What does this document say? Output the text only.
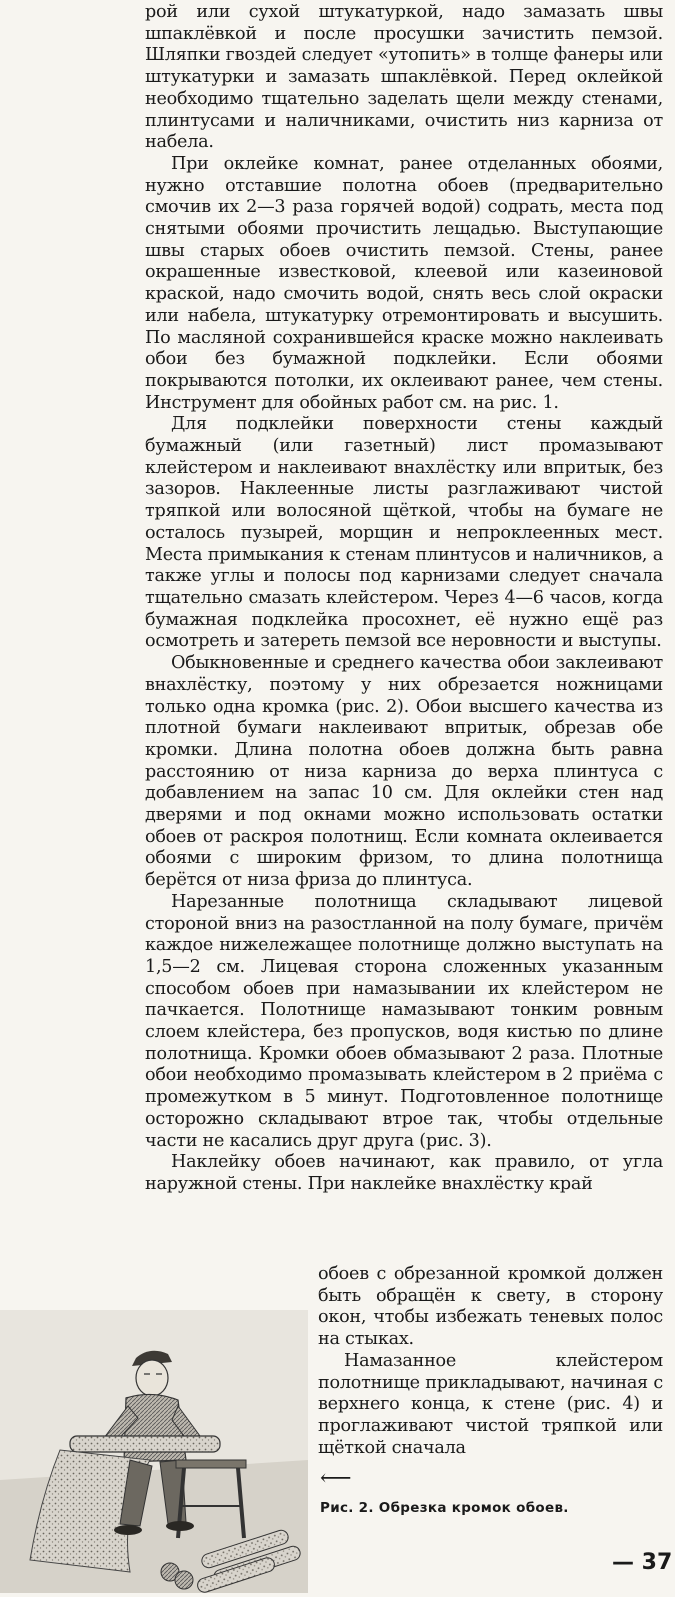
рой или сухой штукатуркой, надо замазать швы шпаклёвкой и после просушки зачистить пемзой. Шляпки гвоздей следует «утопить» в толще фанеры или штукатурки и замазать шпаклёвкой. Перед оклейкой необходимо тщательно заделать щели между стенами, плинтусами и наличниками, очистить низ карниза от набела.

При оклейке комнат, ранее отделанных обоями, нужно отставшие полотна обоев (предварительно смочив их 2—3 раза горячей водой) содрать, места под снятыми обоями прочистить лещадью. Выступающие швы старых обоев очистить пемзой. Стены, ранее окрашенные известковой, клеевой или казеиновой краской, надо смочить водой, снять весь слой окраски или набела, штукатурку отремонтировать и высушить. По масляной сохранившейся краске можно наклеивать обои без бумажной подклейки. Если обоями покрываются потолки, их оклеивают ранее, чем стены. Инструмент для обойных работ см. на рис. 1.

Для подклейки поверхности стены каждый бумажный (или газетный) лист промазывают клейстером и наклеивают внахлёстку или впритык, без зазоров. Наклеенные листы разглаживают чистой тряпкой или волосяной щёткой, чтобы на бумаге не осталось пузырей, морщин и непроклеенных мест. Места примыкания к стенам плинтусов и наличников, а также углы и полосы под карнизами следует сначала тщательно смазать клейстером. Через 4—6 часов, когда бумажная подклейка просохнет, её нужно ещё раз осмотреть и затереть пемзой все неровности и выступы.

Обыкновенные и среднего качества обои заклеивают внахлёстку, поэтому у них обрезается ножницами только одна кромка (рис. 2). Обои высшего качества из плотной бумаги наклеивают впритык, обрезав обе кромки. Длина полотна обоев должна быть равна расстоянию от низа карниза до верха плинтуса с добавлением на запас 10 см. Для оклейки стен над дверями и под окнами можно использовать остатки обоев от раскроя полотнищ. Если комната оклеивается обоями с широким фризом, то длина полотнища берётся от низа фриза до плинтуса.

Нарезанные полотнища складывают лицевой стороной вниз на разостланной на полу бумаге, причём каждое нижележащее полотнище должно выступать на 1,5—2 см. Лицевая сторона сложенных указанным способом обоев при намазывании их клейстером не пачкается. Полотнище намазывают тонким ровным слоем клейстера, без пропусков, водя кистью по длине полотнища. Кромки обоев обмазывают 2 раза. Плотные обои необходимо промазывать клейстером в 2 приёма с промежутком в 5 минут. Подготовленное полотнище осторожно складывают втрое так, чтобы отдельные части не касались друг друга (рис. 3).

Наклейку обоев начинают, как правило, от угла наружной стены. При наклейке внахлёстку край

обоев с обрезанной кромкой должен быть обращён к свету, в сторону окон, чтобы избежать теневых полос на стыках.

Намазанное клейстером полотнище прикладывают, начиная с верхнего конца, к стене (рис. 4) и проглаживают чистой тряпкой или щёткой сначала

⟵
Рис. 2. Обрезка кромок обоев.
— 37
